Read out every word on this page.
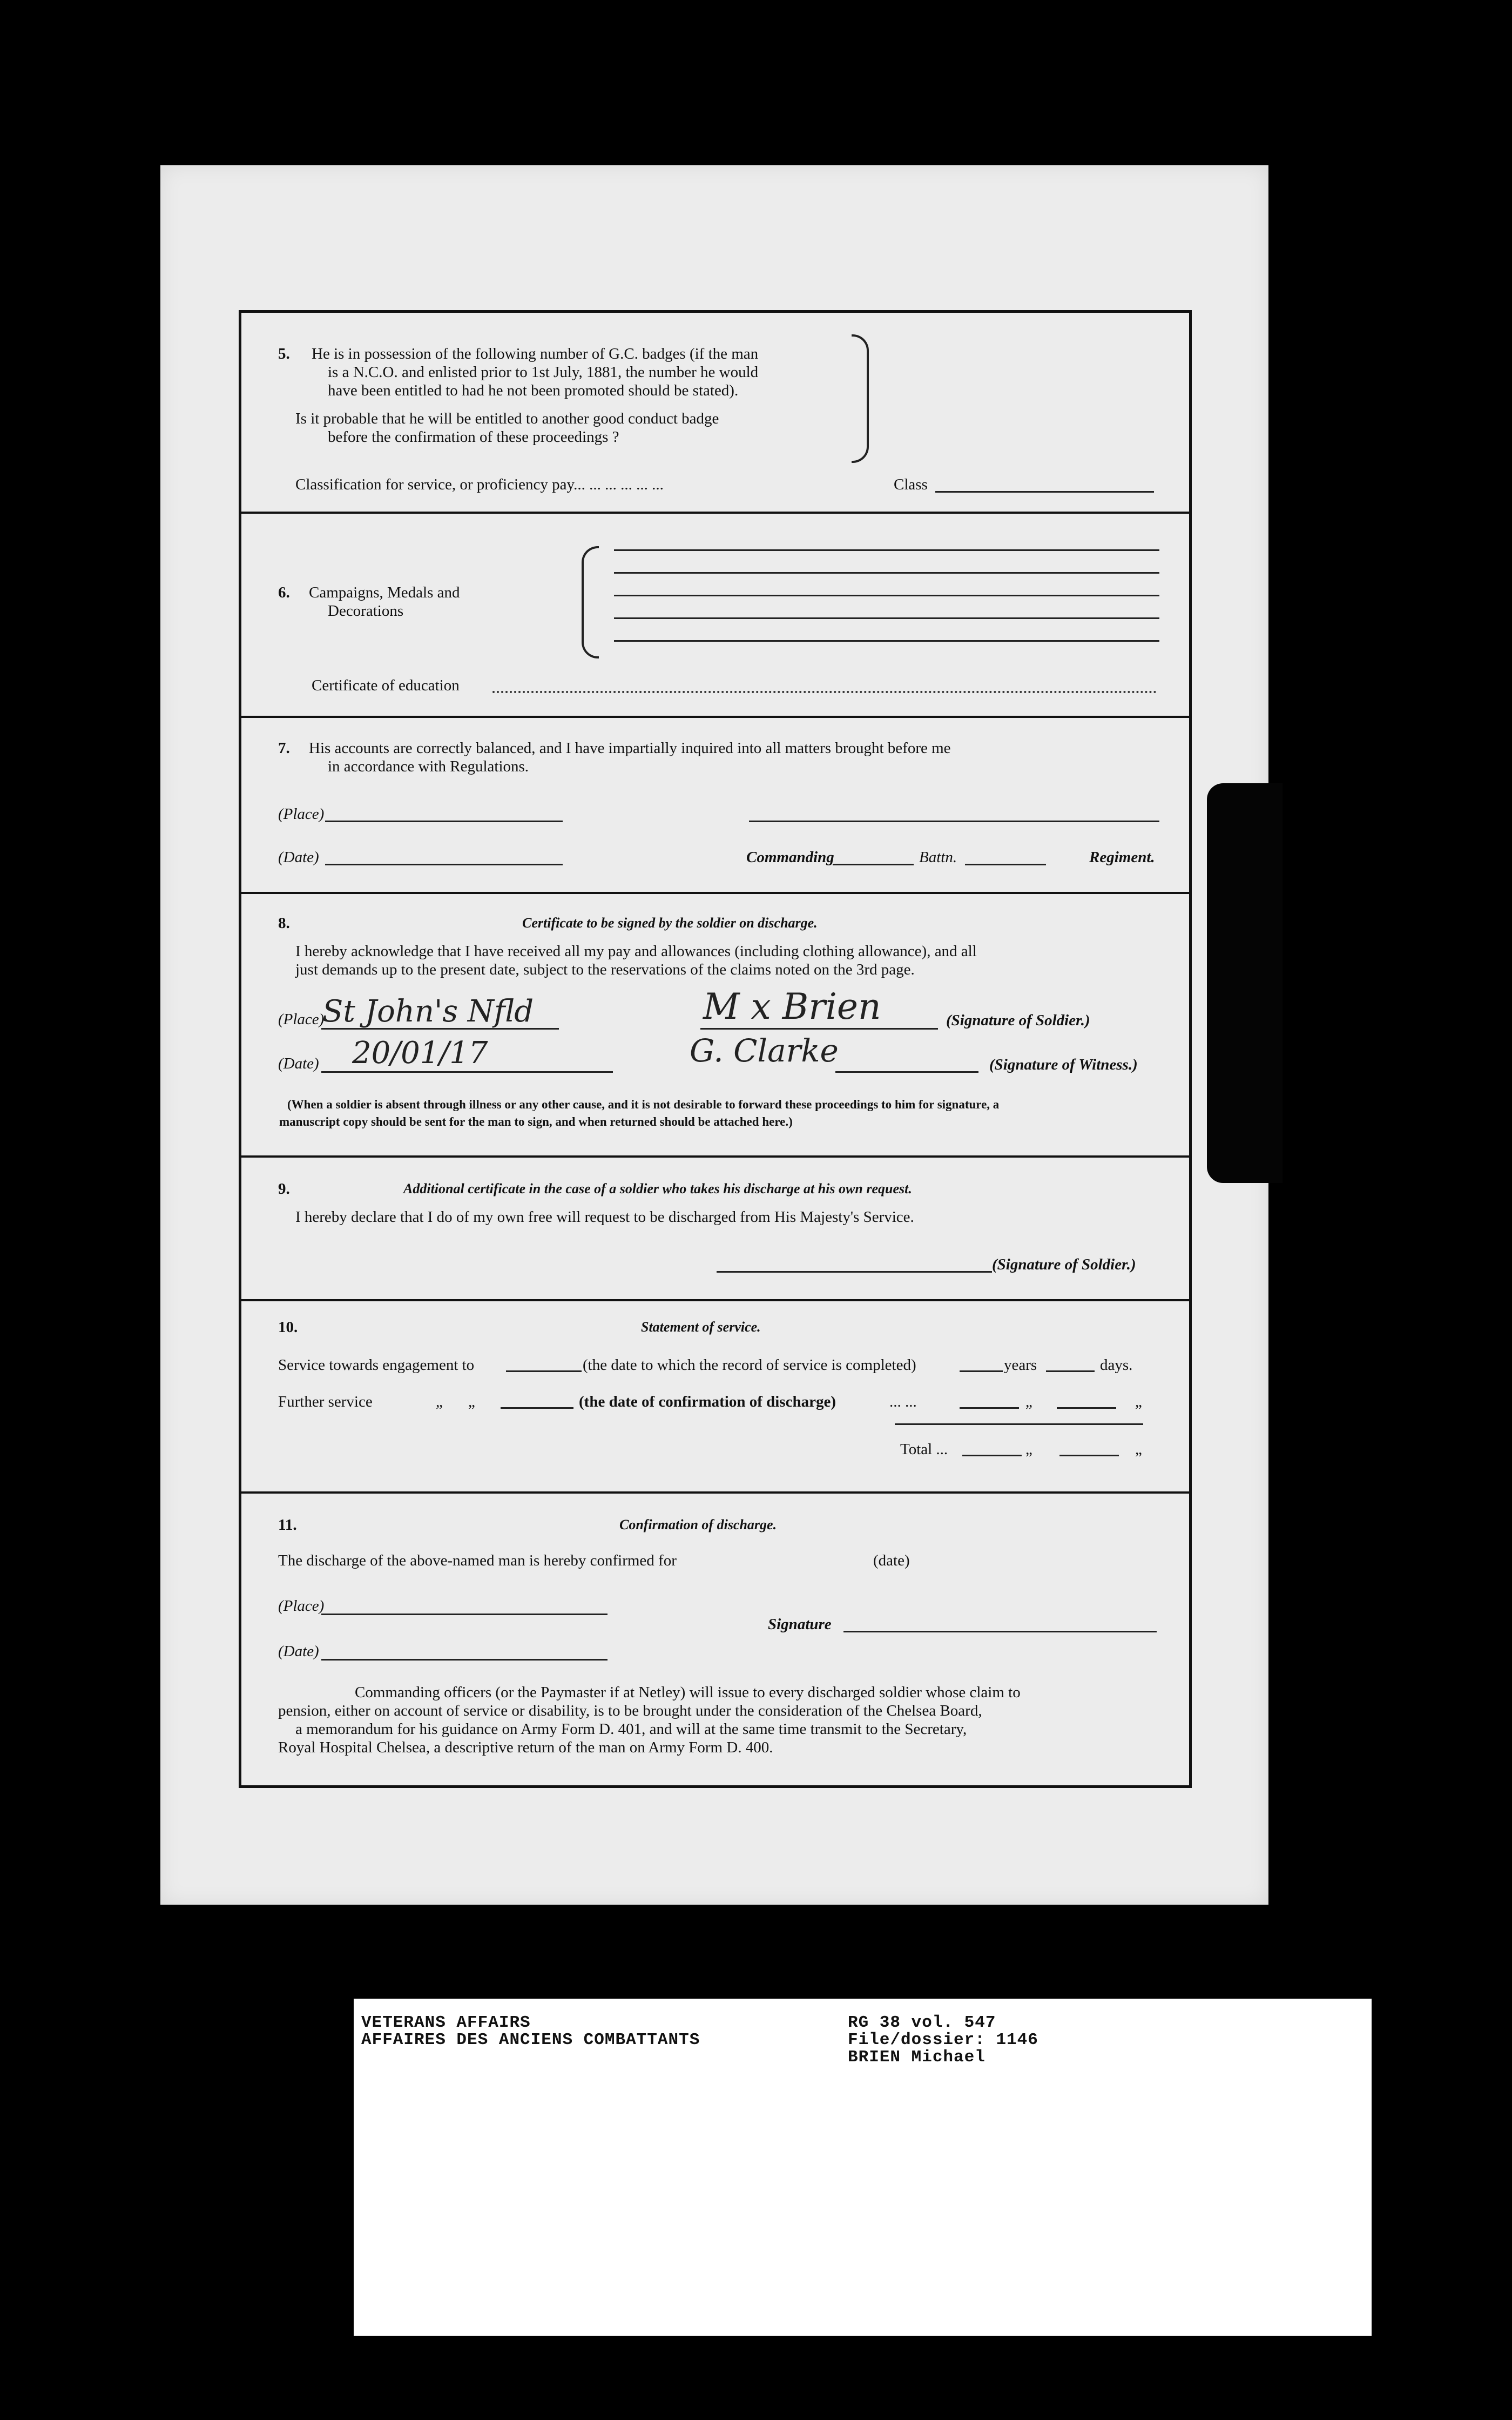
5. He is in possession of the following number of G.C. badges (if the man
is a N.C.O. and enlisted prior to 1st July, 1881, the number he would
have been entitled to had he not been promoted should be stated).
Is it probable that he will be entitled to another good conduct badge
before the confirmation of these proceedings ?
Classification for service, or proficiency pay... ... ... ... ... ...	Class
6. Campaigns, Medals and
Decorations
Certificate of education
7. His accounts are correctly balanced, and I have impartially inquired into all matters brought before me
in accordance with Regulations.
(Place)
(Date)	Commanding	Battn.	Regiment.
8.	Certificate to be signed by the soldier on discharge.
I hereby acknowledge that I have received all my pay and allowances (including clothing allowance), and all
just demands up to the present date, subject to the reservations of the claims noted on the 3rd page.
(Place)
St John's Nfld	M x Brien	(Signature of Soldier.)
(Date) 20/01/17	G. Clarke	(Signature of Witness.)
(When a soldier is absent through illness or any other cause, and it is not desirable to forward these proceedings to him for signature, a
manuscript copy should be sent for the man to sign, and when returned should be attached here.)
9.	Additional certificate in the case of a soldier who takes his discharge at his own request.
I hereby declare that I do of my own free will request to be discharged from His Majesty's Service.
(Signature of Soldier.)
10.	Statement of service.
Service towards engagement to	(the date to which the record of service is completed)	years	days.
Further service	„ „	(the date of confirmation of discharge)	... ...	„	„
Total ...	„	„
11.	Confirmation of discharge.
The discharge of the above-named man is hereby confirmed for	(date)
(Place)
Signature
(Date)
Commanding officers (or the Paymaster if at Netley) will issue to every discharged soldier whose claim to
pension, either on account of service or disability, is to be brought under the consideration of the Chelsea Board,
a memorandum for his guidance on Army Form D. 401, and will at the same time transmit to the Secretary,
Royal Hospital Chelsea, a descriptive return of the man on Army Form D. 400.
VETERANS AFFAIRS
AFFAIRES DES ANCIENS COMBATTANTS
RG 38 vol. 547
File/dossier: 1146
BRIEN Michael
